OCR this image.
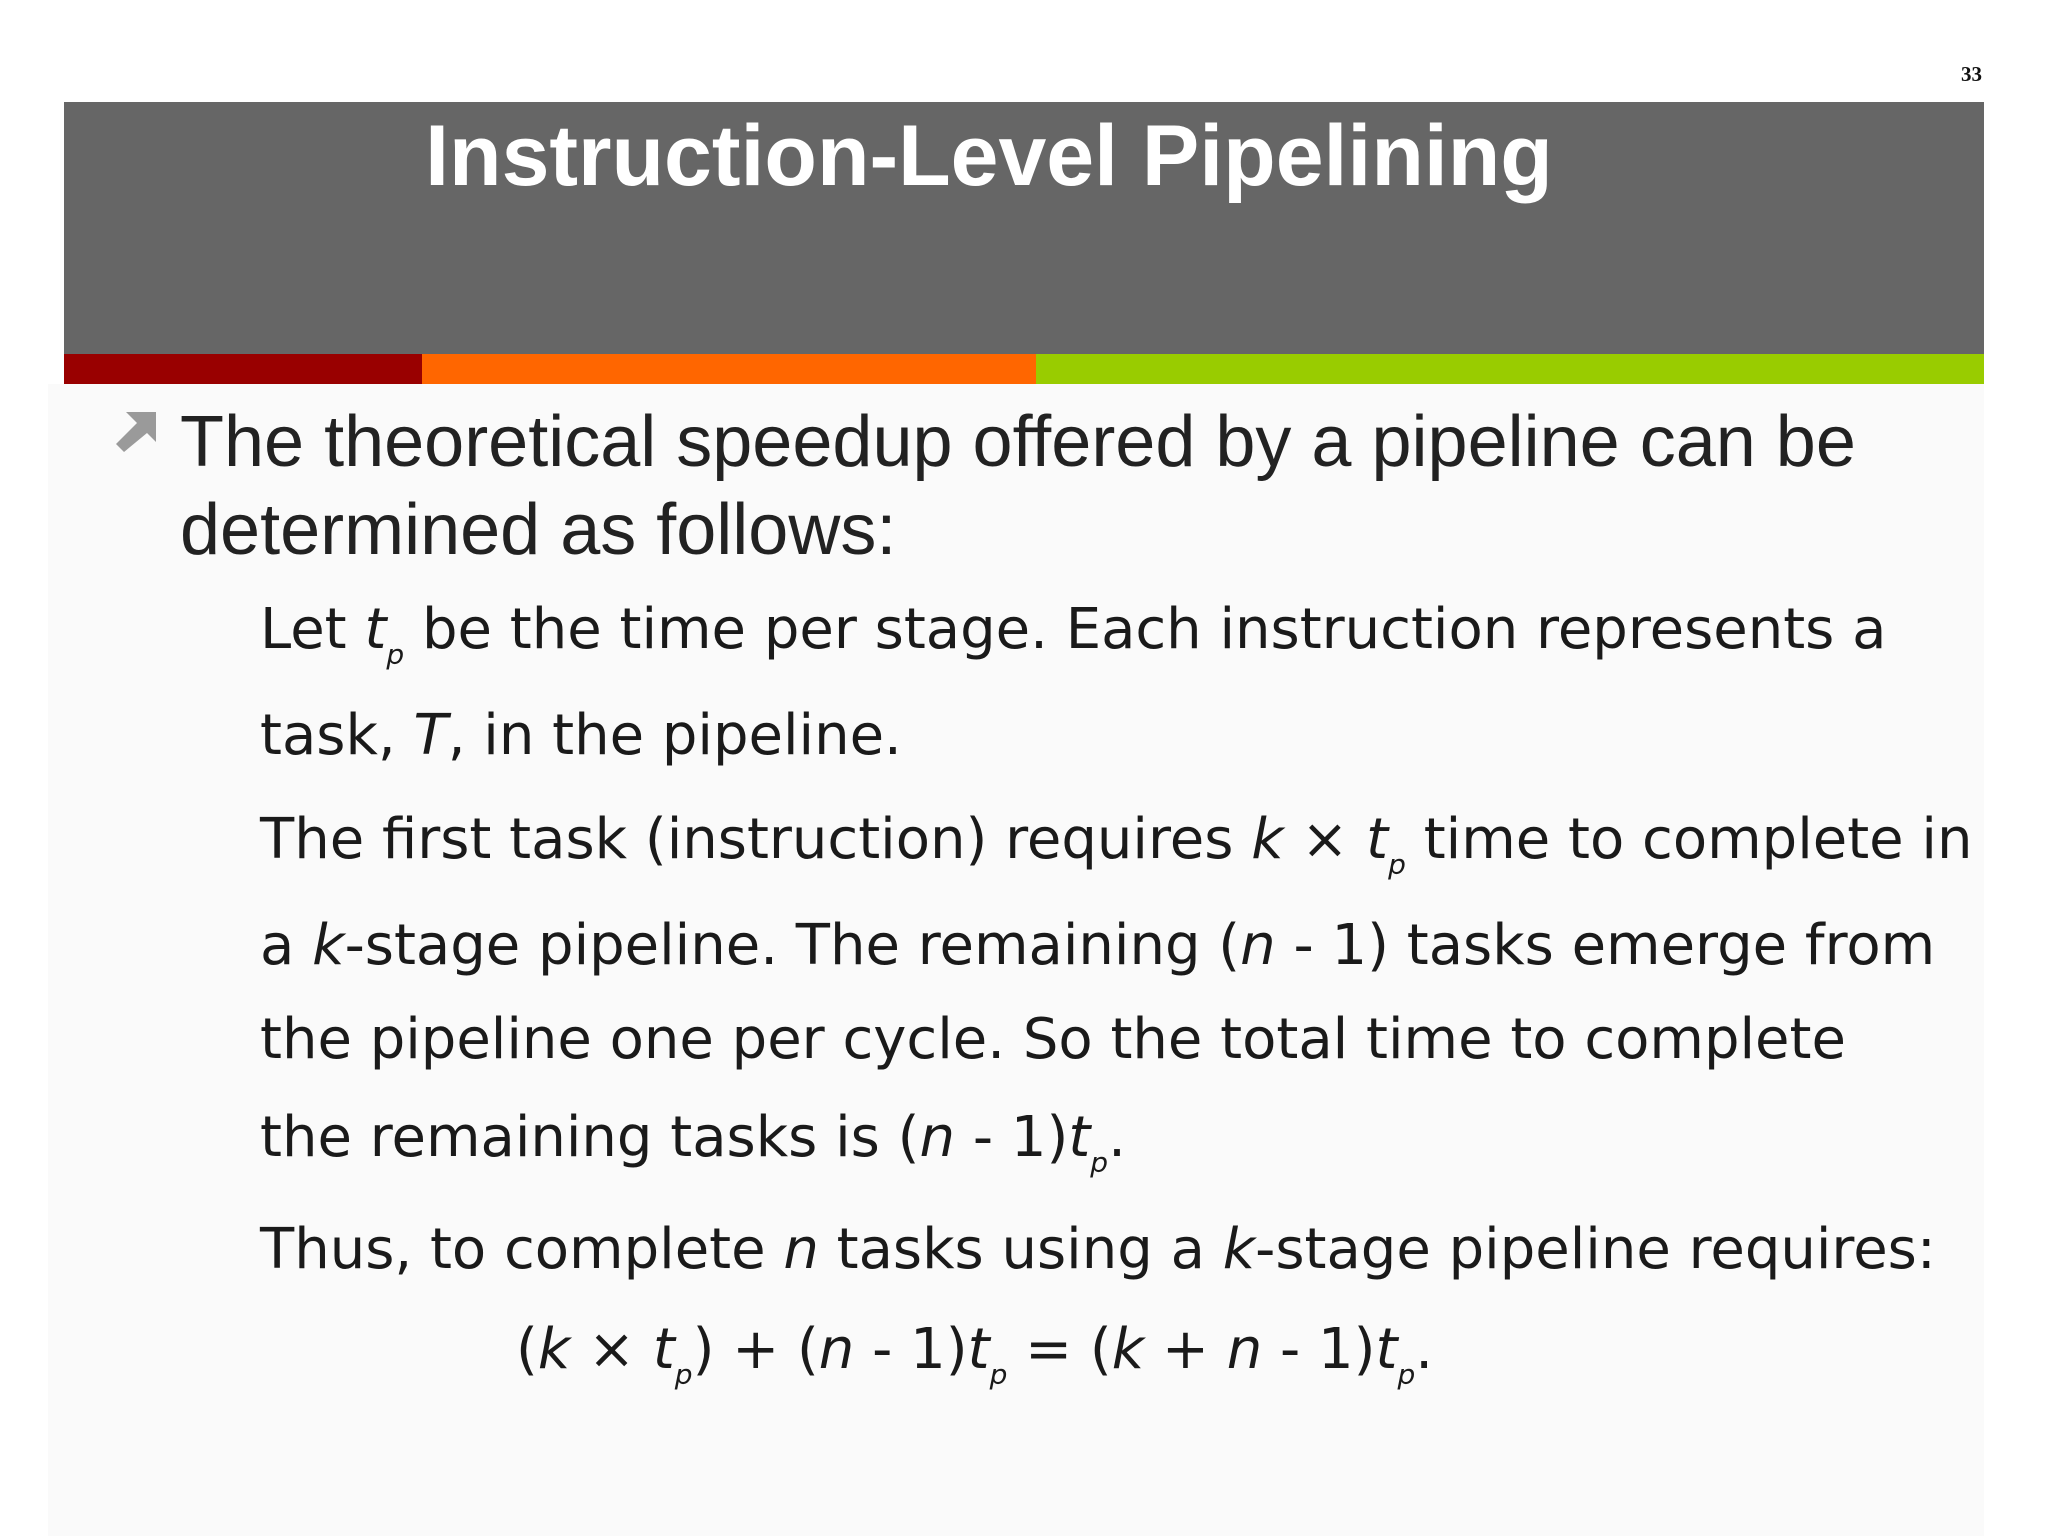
33
Instruction-Level Pipelining

The theoretical speedup offered by a pipeline can be determined as follows:

Let $t_p$ be the time per stage. Each instruction represents a
task, T, in the pipeline.
The first task (instruction) requires $k \times t_p$ time to complete in
a k-stage pipeline. The remaining (n - 1) tasks emerge from
the pipeline one per cycle. So the total time to complete
the remaining tasks is $(n - 1)t_p$.
Thus, to complete n tasks using a k-stage pipeline requires:
$(k \times t_p) + (n - 1)t_p = (k + n - 1)t_p$.
